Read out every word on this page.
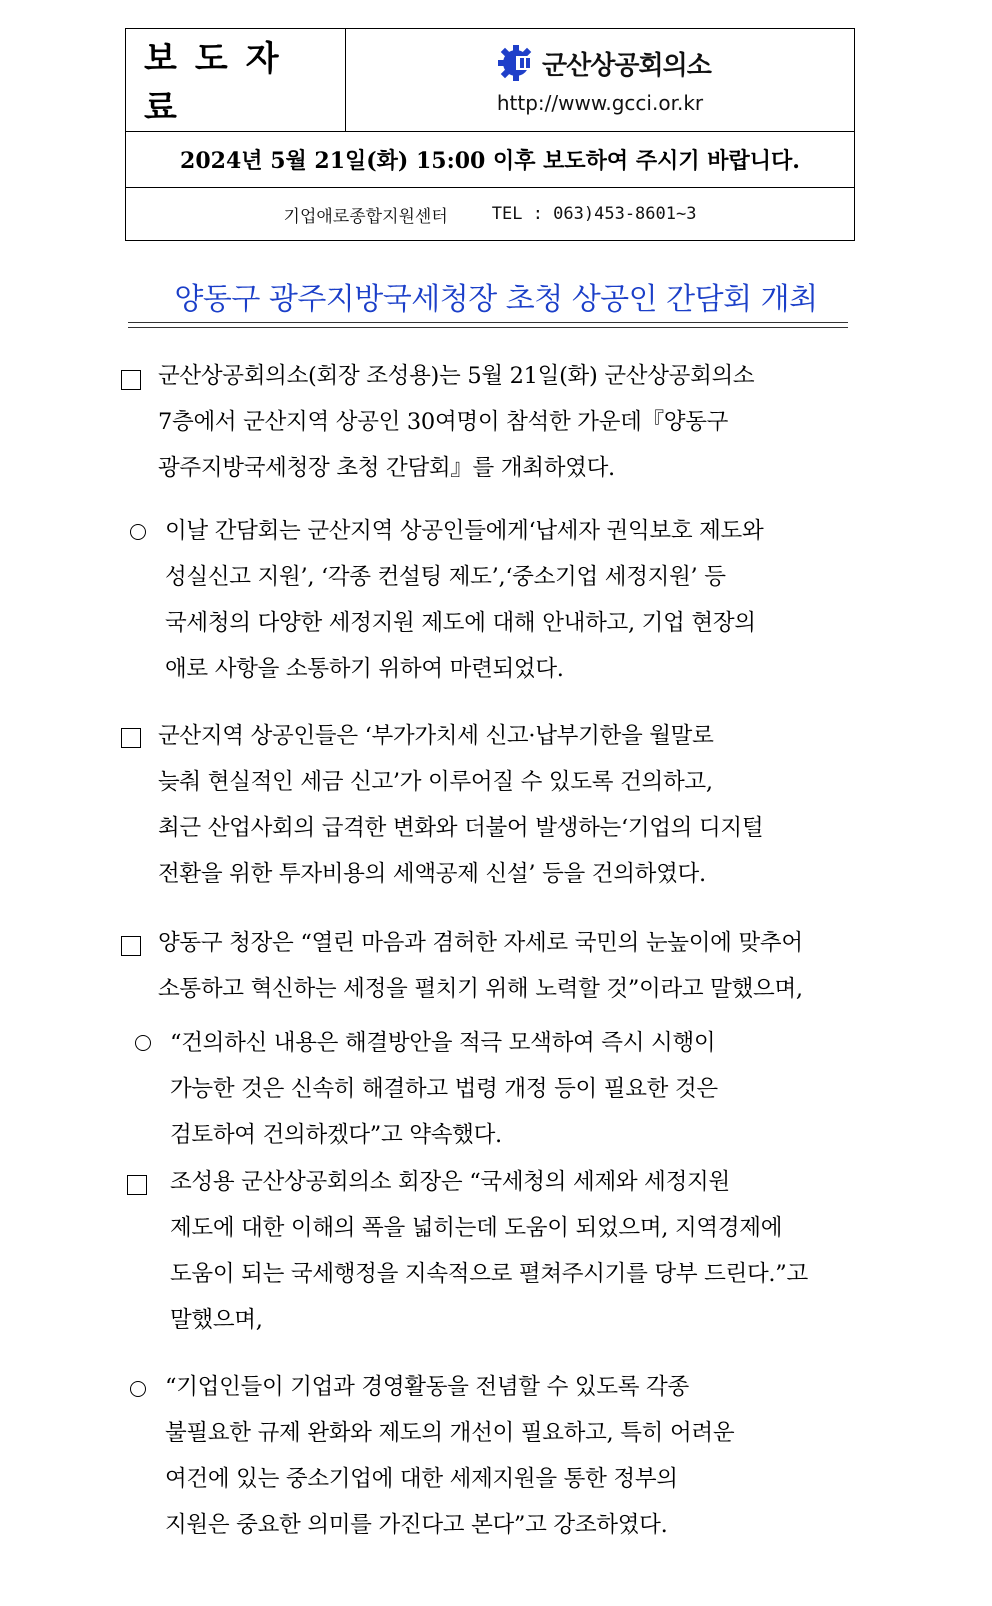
보도자료
군산상공회의소
http://www.gcci.or.kr
2024년 5월 21일(화) 15:00 이후 보도하여 주시기 바랍니다.
기업애로종합지원센터	TEL : 063)453-8601~3
양동구 광주지방국세청장 초청 상공인 간담회 개최
군산상공회의소(회장 조성용)는 5월 21일(화) 군산상공회의소
7층에서 군산지역 상공인 30여명이 참석한 가운데『양동구
광주지방국세청장 초청 간담회』를 개최하였다.
이날 간담회는 군산지역 상공인들에게‘납세자 권익보호 제도와
성실신고 지원’, ‘각종 컨설팅 제도’,‘중소기업 세정지원’ 등
국세청의 다양한 세정지원 제도에 대해 안내하고, 기업 현장의
애로 사항을 소통하기 위하여 마련되었다.
군산지역 상공인들은 ‘부가가치세 신고·납부기한을 월말로
늦춰 현실적인 세금 신고’가 이루어질 수 있도록 건의하고,
최근 산업사회의 급격한 변화와 더불어 발생하는‘기업의 디지털
전환을 위한 투자비용의 세액공제 신설’ 등을 건의하였다.
양동구 청장은 “열린 마음과 겸허한 자세로 국민의 눈높이에 맞추어
소통하고 혁신하는 세정을 펼치기 위해 노력할 것”이라고 말했으며,
“건의하신 내용은 해결방안을 적극 모색하여 즉시 시행이
가능한 것은 신속히 해결하고 법령 개정 등이 필요한 것은
검토하여 건의하겠다”고 약속했다.
조성용 군산상공회의소 회장은 “국세청의 세제와 세정지원
제도에 대한 이해의 폭을 넓히는데 도움이 되었으며, 지역경제에
도움이 되는 국세행정을 지속적으로 펼쳐주시기를 당부 드린다.”고
말했으며,
“기업인들이 기업과 경영활동을 전념할 수 있도록 각종
불필요한 규제 완화와 제도의 개선이 필요하고, 특히 어려운
여건에 있는 중소기업에 대한 세제지원을 통한 정부의
지원은 중요한 의미를 가진다고 본다”고 강조하였다.
